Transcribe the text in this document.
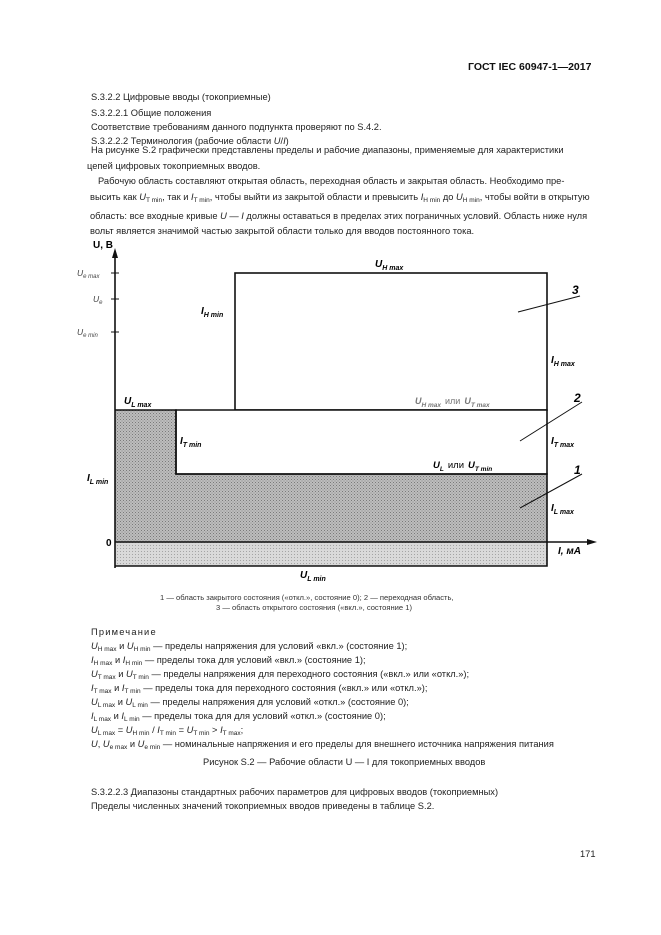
ГОСТ IEC 60947-1—2017
S.3.2.2 Цифровые вводы (токоприемные)
S.3.2.2.1 Общие положения
Соответствие требованиям данного подпункта проверяют по S.4.2.
S.3.2.2.2 Терминология (рабочие области U/I)
На рисунке S.2 графически представлены пределы и рабочие диапазоны, применяемые для характеристики
цепей цифровых токоприемных вводов.
Рабочую область составляют открытая область, переходная область и закрытая область. Необходимо пре-
высить как $U_{T min}$, так и $I_{T min}$, чтобы выйти из закрытой области и превысить $I_{H min}$ до $U_{H min}$, чтобы войти в открытую
область: все входные кривые U — I должны оставаться в пределах этих пограничных условий. Область ниже нуля
вольт является значимой частью закрытой области только для вводов постоянного тока.
U, В
I, мА
0
$U_{e max}$
$U_e$
$U_{e min}$
$U_{H max}$
$I_{H min}$
$I_{H max}$
$U_{L max}$
$I_{T min}$	$I_{T max}$
$I_{L min}$
$I_{L max}$
$U_{L min}$
$U_{H max}$ или $U_{T max}$
$U_L$ или $U_{T min}$
3
2
1
1 — область закрытого состояния («откл.», состояние 0); 2 — переходная область,
3 — область открытого состояния («вкл.», состояние 1)
Примечание
$U_{H max}$ и $U_{H min}$ — пределы напряжения для условий «вкл.» (состояние 1);
$I_{H max}$ и $I_{H min}$ — пределы тока для условий «вкл.» (состояние 1);
$U_{T max}$ и $U_{T min}$ — пределы напряжения для переходного состояния («вкл.» или «откл.»);
$I_{T max}$ и $I_{T min}$ — пределы тока для переходного состояния («вкл.» или «откл.»);
$U_{L max}$ и $U_{L min}$ — пределы напряжения для условий «откл.» (состояние 0);
$I_{L max}$ и $I_{L min}$ — пределы тока для для условий «откл.» (состояние 0);
$U_{L max} = U_{H min} / I_{T min} = U_{T min} > I_{T max}$;
U, $U_{e max}$ и $U_{e min}$ — номинальные напряжения и его пределы для внешнего источника напряжения питания
Рисунок S.2 — Рабочие области U — I для токоприемных вводов
S.3.2.2.3 Диапазоны стандартных рабочих параметров для цифровых вводов (токоприемных)
Пределы численных значений токоприемных вводов приведены в таблице S.2.
171
